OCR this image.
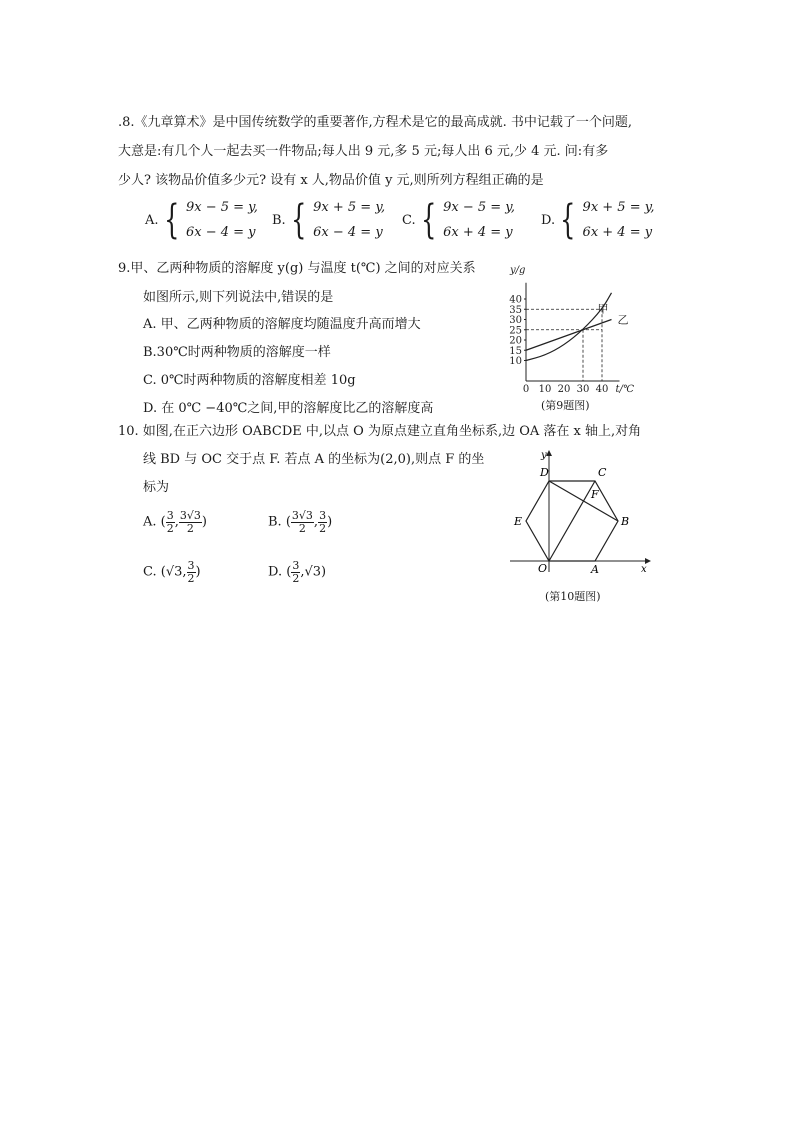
.8.《九章算术》是中国传统数学的重要著作,方程术是它的最高成就. 书中记载了一个问题,
大意是:有几个人一起去买一件物品;每人出 9 元,多 5 元;每人出 6 元,少 4 元. 问:有多
少人? 该物品价值多少元? 设有 x 人,物品价值 y 元,则所列方程组正确的是
A. { 9x − 5 = y,
6x − 4 = y
B. { 9x + 5 = y,
6x − 4 = y
C. { 9x − 5 = y,
6x + 4 = y
D. { 9x + 5 = y,
6x + 4 = y
9.甲、乙两种物质的溶解度 y(g) 与温度 t(℃) 之间的对应关系
如图所示,则下列说法中,错误的是
A. 甲、乙两种物质的溶解度均随温度升高而增大
B.30℃时两种物质的溶解度一样
C. 0℃时两种物质的溶解度相差 10g
D. 在 0℃ −40℃之间,甲的溶解度比乙的溶解度高
10
15
20
25
30
35
40
0 10 20 30 40
甲
乙
y/g
t/℃
(第9题图)
10. 如图,在正六边形 OABCDE 中,以点 O 为原点建立直角坐标系,边 OA 落在 x 轴上,对角
线 BD 与 OC 交于点 F. 若点 A 的坐标为(2,0),则点 F 的坐
标为
A. ( $\frac{3}{2}$ , $\frac{3√3}{2}$ )	B. ( $\frac{3√3}{2}$ , $\frac{3}{2}$ )
C. (√3, $\frac{3}{2}$ )	D. ( $\frac{3}{2} ,√3$)
D	C
F
E	B
O	A	x
y
(第10题图)
